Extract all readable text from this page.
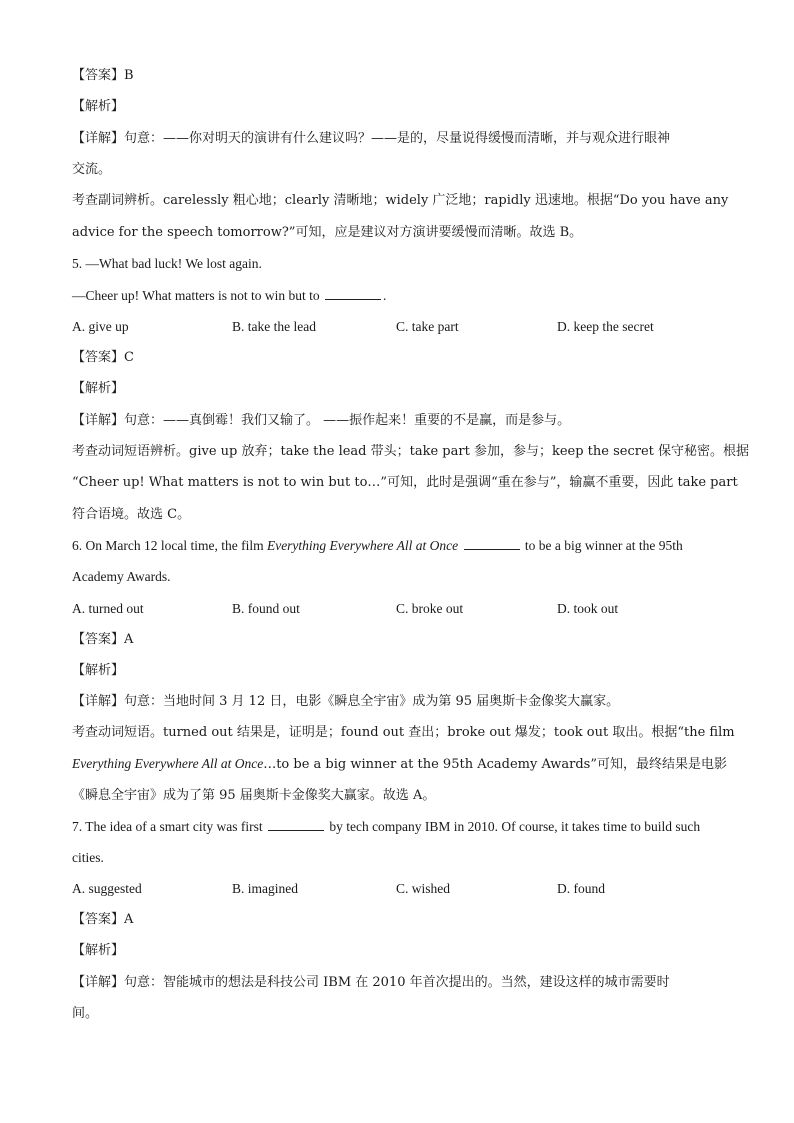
【答案】B
【解析】
【详解】句意：——你对明天的演讲有什么建议吗？——是的，尽量说得缓慢而清晰，并与观众进行眼神
交流。
考查副词辨析。carelessly 粗心地；clearly 清晰地；widely 广泛地；rapidly 迅速地。根据“Do you have any
advice for the speech tomorrow?”可知，应是建议对方演讲要缓慢而清晰。故选 B。
5. —What bad luck! We lost again.
—Cheer up! What matters is not to win but to	.
A. give up	B. take the lead	C. take part	D. keep the secret
【答案】C
【解析】
【详解】句意：——真倒霉！我们又输了。 ——振作起来！重要的不是赢，而是参与。
考查动词短语辨析。give up 放弃；take the lead 带头；take part 参加，参与；keep the secret 保守秘密。根据
“Cheer up! What matters is not to win but to…”可知，此时是强调“重在参与”，输赢不重要，因此 take part
符合语境。故选 C。
6. On March 12 local time, the film Everything Everywhere All at Once	to be a big winner at the 95th
Academy Awards.
A. turned out	B. found out	C. broke out	D. took out
【答案】A
【解析】
【详解】句意：当地时间 3 月 12 日，电影《瞬息全宇宙》成为第 95 届奥斯卡金像奖大赢家。
考查动词短语。turned out 结果是，证明是；found out 查出；broke out 爆发；took out 取出。根据“the film
Everything Everywhere All at Once…to be a big winner at the 95th Academy Awards”可知，最终结果是电影
《瞬息全宇宙》成为了第 95 届奥斯卡金像奖大赢家。故选 A。
7. The idea of a smart city was first	by tech company IBM in 2010. Of course, it takes time to build such
cities.
A. suggested	B. imagined	C. wished	D. found
【答案】A
【解析】
【详解】句意：智能城市的想法是科技公司 IBM 在 2010 年首次提出的。当然，建设这样的城市需要时
间。
